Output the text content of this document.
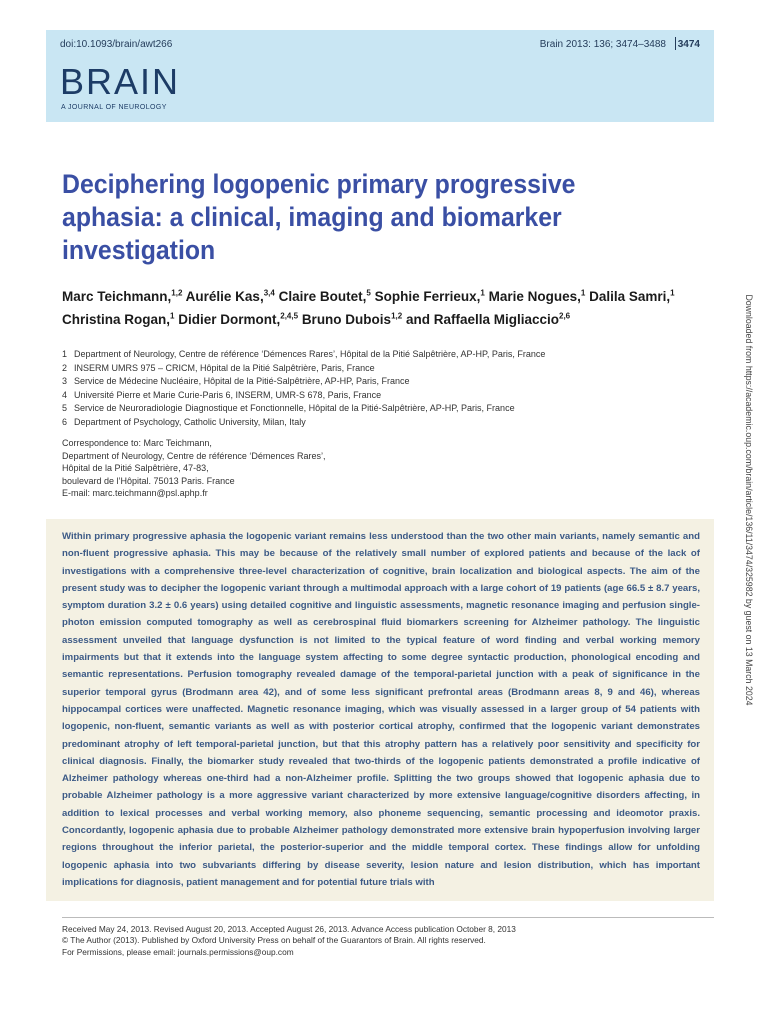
doi:10.1093/brain/awt266	Brain 2013: 136; 3474–3488 3474
BRAIN
A JOURNAL OF NEUROLOGY
Deciphering logopenic primary progressive aphasia: a clinical, imaging and biomarker investigation
Marc Teichmann,$^{1,2}$ Aurélie Kas,$^{3,4}$ Claire Boutet,$^5$ Sophie Ferrieux,$^1$ Marie Nogues,$^1$ Dalila Samri,$^1$
Christina Rogan,$^1$ Didier Dormont,$^{2,4,5}$ Bruno Dubois$^{1,2}$ and Raffaella Migliaccio$^{2,6}$
1 Department of Neurology, Centre de référence ‘Démences Rares’, Hôpital de la Pitié Salpêtrière, AP-HP, Paris, France
2 INSERM UMRS 975 – CRICM, Hôpital de la Pitié Salpêtrière, Paris, France
3 Service de Médecine Nucléaire, Hôpital de la Pitié-Salpêtrière, AP-HP, Paris, France
4 Université Pierre et Marie Curie-Paris 6, INSERM, UMR-S 678, Paris, France
5 Service de Neuroradiologie Diagnostique et Fonctionnelle, Hôpital de la Pitié-Salpêtrière, AP-HP, Paris, France
6 Department of Psychology, Catholic University, Milan, Italy
Correspondence to: Marc Teichmann,
Department of Neurology, Centre de référence ‘Démences Rares’,
Hôpital de la Pitié Salpêtrière, 47-83,
boulevard de l’Hôpital. 75013 Paris. France
E-mail: marc.teichmann@psl.aphp.fr
Within primary progressive aphasia the logopenic variant remains less understood than the two other main variants, namely semantic and non-fluent progressive aphasia. This may be because of the relatively small number of explored patients and because of the lack of investigations with a comprehensive three-level characterization of cognitive, brain localization and biological aspects. The aim of the present study was to decipher the logopenic variant through a multimodal approach with a large cohort of 19 patients (age 66.5 ± 8.7 years, symptom duration 3.2 ± 0.6 years) using detailed cognitive and linguistic assessments, magnetic resonance imaging and perfusion single-photon emission computed tomography as well as cerebrospinal fluid biomarkers screening for Alzheimer pathology. The linguistic assessment unveiled that language dysfunction is not limited to the typical feature of word finding and verbal working memory impairments but that it extends into the language system affecting to some degree syntactic production, phonological encoding and semantic representations. Perfusion tomography revealed damage of the temporal-parietal junction with a peak of significance in the superior temporal gyrus (Brodmann area 42), and of some less significant prefrontal areas (Brodmann areas 8, 9 and 46), whereas hippocampal cortices were unaffected. Magnetic resonance imaging, which was visually assessed in a larger group of 54 patients with logopenic, non-fluent, semantic variants as well as with posterior cortical atrophy, confirmed that the logopenic variant demonstrates predominant atrophy of left temporal-parietal junction, but that this atrophy pattern has a relatively poor sensitivity and specificity for clinical diagnosis. Finally, the biomarker study revealed that two-thirds of the logopenic patients demonstrated a profile indicative of Alzheimer pathology whereas one-third had a non-Alzheimer profile. Splitting the two groups showed that logopenic aphasia due to probable Alzheimer pathology is a more aggressive variant characterized by more extensive language/cognitive disorders affecting, in addition to lexical processes and verbal working memory, also phoneme sequencing, semantic processing and ideomotor praxis. Concordantly, logopenic aphasia due to probable Alzheimer pathology demonstrated more extensive brain hypoperfusion involving larger regions throughout the inferior parietal, the posterior-superior and the middle temporal cortex. These findings allow for unfolding logopenic aphasia into two subvariants differing by disease severity, lesion nature and lesion distribution, which has important implications for diagnosis, patient management and for potential future trials with
Received May 24, 2013. Revised August 20, 2013. Accepted August 26, 2013. Advance Access publication October 8, 2013
© The Author (2013). Published by Oxford University Press on behalf of the Guarantors of Brain. All rights reserved.
For Permissions, please email: journals.permissions@oup.com
Downloaded from https://academic.oup.com/brain/article/136/11/3474/325982 by guest on 13 March 2024
